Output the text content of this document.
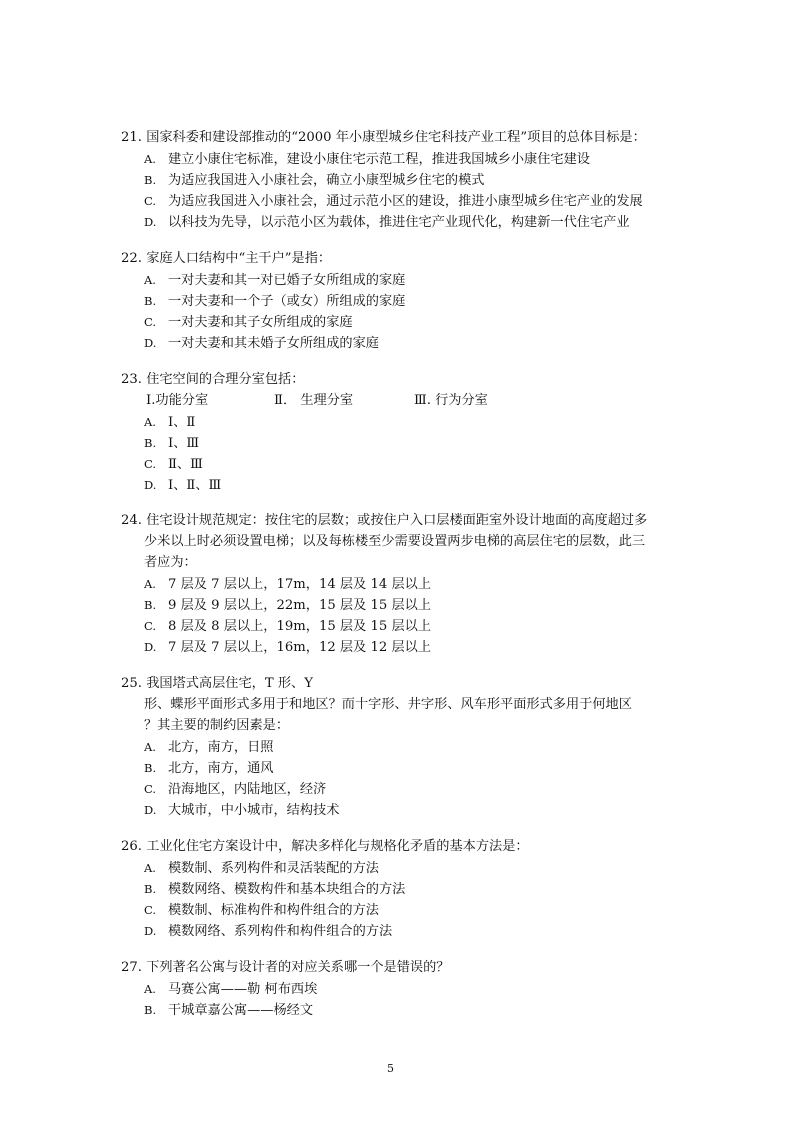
21. 国家科委和建设部推动的“2000 年小康型城乡住宅科技产业工程”项目的总体目标是：
A. 建立小康住宅标准，建设小康住宅示范工程，推进我国城乡小康住宅建设
B. 为适应我国进入小康社会，确立小康型城乡住宅的模式
C. 为适应我国进入小康社会，通过示范小区的建设，推进小康型城乡住宅产业的发展
D. 以科技为先导，以示范小区为载体，推进住宅产业现代化，构建新一代住宅产业
22. 家庭人口结构中“主干户”是指：
A. 一对夫妻和其一对已婚子女所组成的家庭
B. 一对夫妻和一个子（或女）所组成的家庭
C. 一对夫妻和其子女所组成的家庭
D. 一对夫妻和其未婚子女所组成的家庭
23. 住宅空间的合理分室包括：
Ⅰ.功能分室	Ⅱ． 生理分室	Ⅲ. 行为分室
A. Ⅰ、Ⅱ
B. Ⅰ、Ⅲ
C. Ⅱ、Ⅲ
D. Ⅰ、Ⅱ、Ⅲ
24. 住宅设计规范规定：按住宅的层数；或按住户入口层楼面距室外设计地面的高度超过多
少米以上时必须设置电梯；以及每栋楼至少需要设置两步电梯的高层住宅的层数，此三
者应为：
A. 7 层及 7 层以上，17m，14 层及 14 层以上
B. 9 层及 9 层以上，22m，15 层及 15 层以上
C. 8 层及 8 层以上，19m，15 层及 15 层以上
D. 7 层及 7 层以上，16m，12 层及 12 层以上
25. 我国塔式高层住宅，T 形、Y
形、蝶形平面形式多用于和地区？而十字形、井字形、风车形平面形式多用于何地区
？其主要的制约因素是：
A. 北方，南方，日照
B. 北方，南方，通风
C. 沿海地区，内陆地区，经济
D. 大城市，中小城市，结构技术
26. 工业化住宅方案设计中，解决多样化与规格化矛盾的基本方法是：
A. 模数制、系列构件和灵活装配的方法
B. 模数网络、模数构件和基本块组合的方法
C. 模数制、标准构件和构件组合的方法
D. 模数网络、系列构件和构件组合的方法
27. 下列著名公寓与设计者的对应关系哪一个是错误的？
A. 马赛公寓——勒 柯布西埃
B. 干城章嘉公寓——杨经文
5
